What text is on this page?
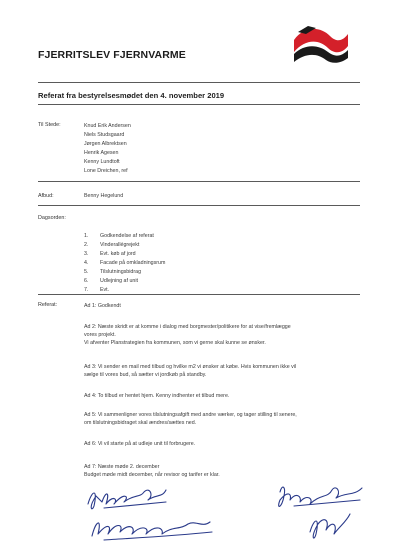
FJERRITSLEV FJERNVARME
Referat fra bestyrelsesmødet den 4. november 2019
Til Stede:	Knud Erik Andersen
Niels Studsgaard
Jørgen Albrektsen
Henrik Agesen
Kenny Lundtoft
Lone Dreichen, ref
Afbud:	Benny Hegelund
Dagsorden:
1. Godkendelse af referat
2. Vinderallégrejekt
3. Evt. køb af jord
4. Facade på omkladningsrum
5. Tilslutningsbidrag
6. Udlejning af unit
7. Evt.
Referat:	Ad 1: Godkendt
Ad 2: Næste skridt er at komme i dialog med borgmester/politikere for at vise/fremlægge
vores projekt.
Vi afventer Planstrategien fra kommunen, som vi gerne skal kunne se ønsker.
Ad 3: Vi sender en mail med tilbud og hvilke m2 vi ønsker at købe. Hvis kommunen ikke vil
sælge til vores bud, så sætter vi jordkøb på standby.
Ad 4: To tilbud er hentet hjem. Kenny indhenter et tilbud mere.
Ad 5: Vi sammenligner vores tilslutningsafgift med andre værker, og tager stilling til senere,
om tilslutningsbidraget skal ændres/sættes ned.
Ad 6: Vi vil starte på at udleje unit til forbrugere.
Ad 7: Næste møde 2. december
Budget møde midt december, når revisor og tarifer er klar.
